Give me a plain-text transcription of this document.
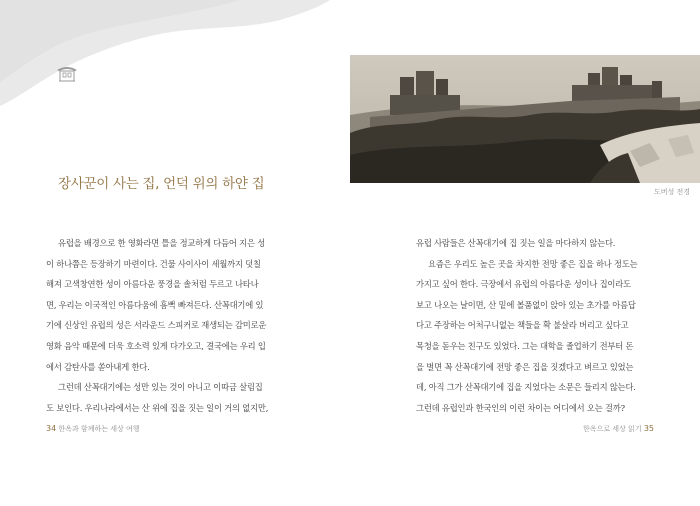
장사꾼이 사는 집, 언덕 위의 하얀 집

유럽을 배경으로 한 영화라면 틀을 정교하게 다듬어 지은 성

이 하나쯤은 등장하기 마련이다. 건물 사이사이 세월까지 덧칠

해져 고색창연한 성이 아름다운 풍경을 솔처럼 두르고 나타나

면, 우리는 이국적인 아름다움에 흠뻑 빠져든다. 산꼭대기에 있

기에 신상인 유럽의 성은 서라운드 스피커로 재생되는 감미로운

영화 음악 때문에 더욱 호소력 있게 다가오고, 결국에는 우리 입

에서 감탄사를 쏟아내게 한다.

그런데 산꼭대기에는 성만 있는 것이 아니고 이따금 살림집

도 보인다. 우리나라에서는 산 위에 집을 짓는 일이 거의 없지만,

도버성 전경

유럽 사람들은 산꼭대기에 집 짓는 일을 마다하지 않는다.

요즘은 우리도 높은 곳을 차지한 전망 좋은 집을 하나 정도는

가지고 싶어 한다. 극장에서 유럽의 아름다운 성이나 집이라도

보고 나오는 날이면, 산 밑에 볼품없이 앉아 있는 초가를 아름답

다고 주장하는 어처구니없는 책들을 확 불살라 버리고 싶다고

목청을 돋우는 친구도 있었다. 그는 대학을 졸업하기 전부터 돈

을 벌면 꼭 산꼭대기에 전망 좋은 집을 짓겠다고 벼르고 있었는

데, 아직 그가 산꼭대기에 집을 지었다는 소문은 들리지 않는다.

그런데 유럽인과 한국인의 이런 차이는 어디에서 오는 걸까?

34 한옥과 함께하는 세상 여행	한옥으로 세상 읽기 35
